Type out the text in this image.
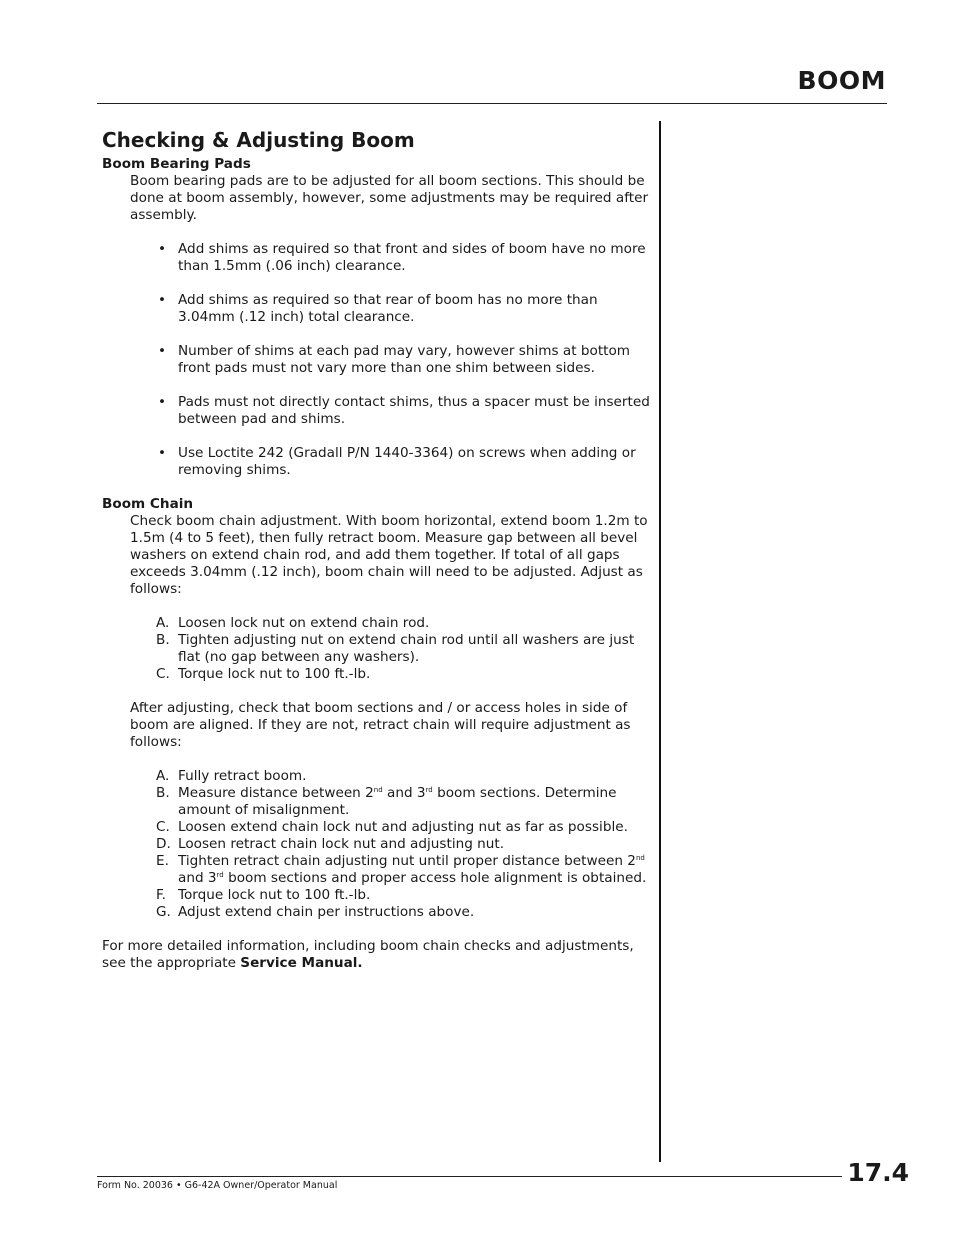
BOOM
Checking & Adjusting Boom
Boom Bearing Pads

Boom bearing pads are to be adjusted for all boom sections. This should be done at boom assembly, however, some adjustments may be required after assembly.

• Add shims as required so that front and sides of boom have no more than 1.5mm (.06 inch) clearance.
• Add shims as required so that rear of boom has no more than 3.04mm (.12 inch) total clearance.
• Number of shims at each pad may vary, however shims at bottom front pads must not vary more than one shim between sides.
• Pads must not directly contact shims, thus a spacer must be inserted between pad and shims.
• Use Loctite 242 (Gradall P/N 1440-3364) on screws when adding or removing shims.
Boom Chain

Check boom chain adjustment. With boom horizontal, extend boom 1.2m to 1.5m (4 to 5 feet), then fully retract boom. Measure gap between all bevel washers on extend chain rod, and add them together. If total of all gaps exceeds 3.04mm (.12 inch), boom chain will need to be adjusted. Adjust as follows:

A. Loosen lock nut on extend chain rod.
B. Tighten adjusting nut on extend chain rod until all washers are just flat (no gap between any washers).
C. Torque lock nut to 100 ft.-lb.

After adjusting, check that boom sections and / or access holes in side of boom are aligned. If they are not, retract chain will require adjustment as follows:

A. Fully retract boom.
B. Measure distance between 2nd and 3rd boom sections. Determine amount of misalignment.
C. Loosen extend chain lock nut and adjusting nut as far as possible.
D. Loosen retract chain lock nut and adjusting nut.
E. Tighten retract chain adjusting nut until proper distance between 2nd and 3rd boom sections and proper access hole alignment is obtained.
F. Torque lock nut to 100 ft.-lb.
G. Adjust extend chain per instructions above.

For more detailed information, including boom chain checks and adjustments, see the appropriate Service Manual.

Form No. 20036 • G6-42A Owner/Operator Manual	17.4
